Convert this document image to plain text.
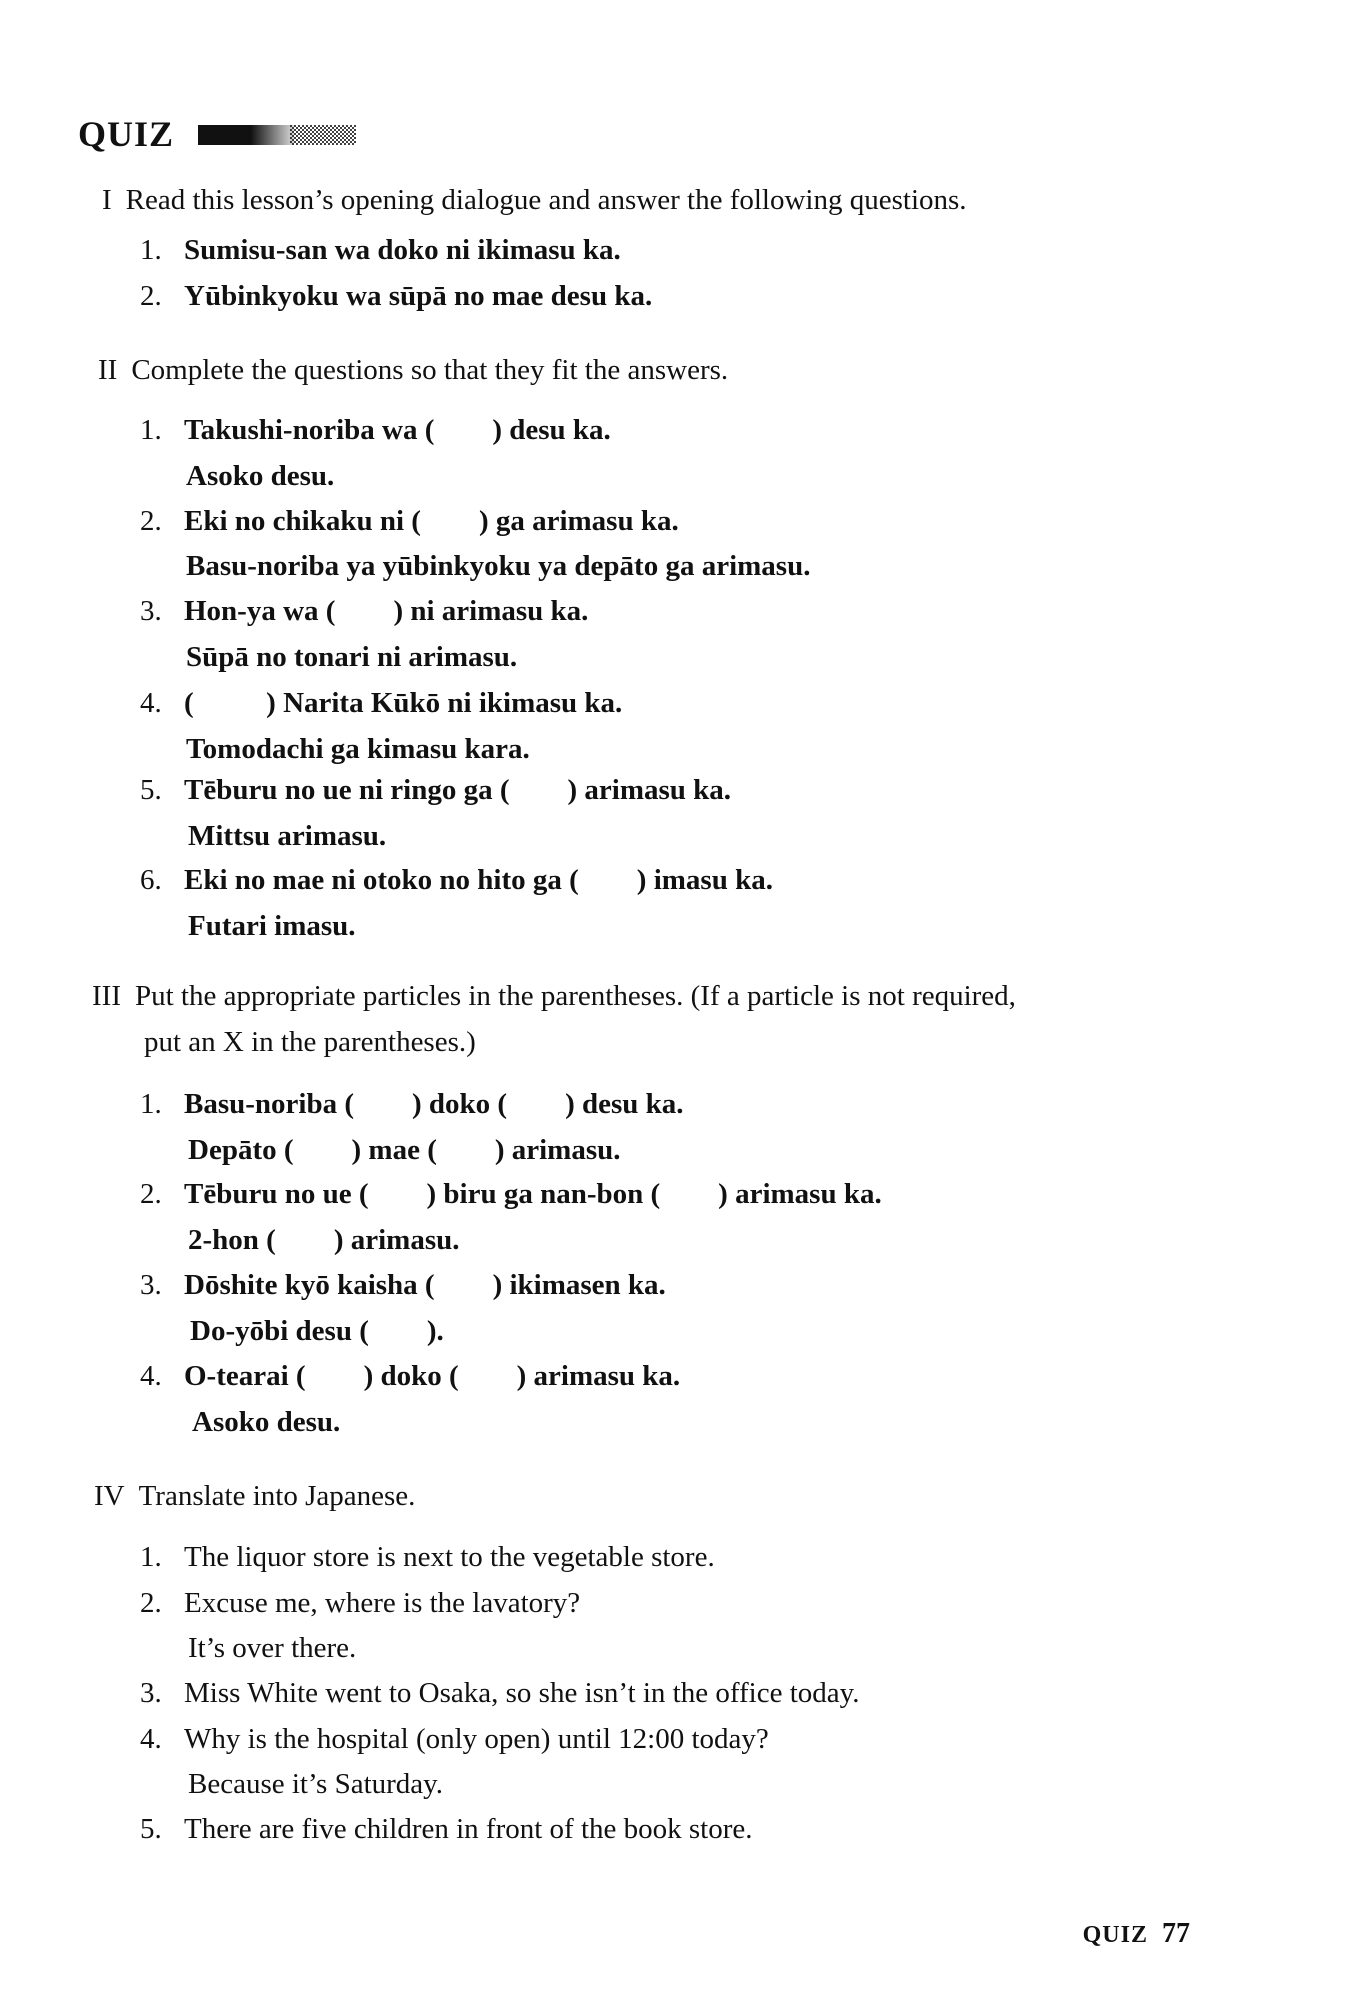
QUIZ
I Read this lesson’s opening dialogue and answer the following questions.
1. Sumisu-san wa doko ni ikimasu ka.
2. Yūbinkyoku wa sūpā no mae desu ka.
II Complete the questions so that they fit the answers.
1. Takushi-noriba wa (        ) desu ka.
Asoko desu.
2. Eki no chikaku ni (        ) ga arimasu ka.
Basu-noriba ya yūbinkyoku ya depāto ga arimasu.
3. Hon-ya wa (        ) ni arimasu ka.
Sūpā no tonari ni arimasu.
4. (          ) Narita Kūkō ni ikimasu ka.
Tomodachi ga kimasu kara.
5. Tēburu no ue ni ringo ga (        ) arimasu ka.
Mittsu arimasu.
6. Eki no mae ni otoko no hito ga (        ) imasu ka.
Futari imasu.
III Put the appropriate particles in the parentheses. (If a particle is not required,
put an X in the parentheses.)
1. Basu-noriba (        ) doko (        ) desu ka.
Depāto (        ) mae (        ) arimasu.
2. Tēburu no ue (        ) biru ga nan-bon (        ) arimasu ka.
2-hon (        ) arimasu.
3. Dōshite kyō kaisha (        ) ikimasen ka.
Do-yōbi desu (        ).
4. O-tearai (        ) doko (        ) arimasu ka.
Asoko desu.
IV Translate into Japanese.
1. The liquor store is next to the vegetable store.
2. Excuse me, where is the lavatory?
It’s over there.
3. Miss White went to Osaka, so she isn’t in the office today.
4. Why is the hospital (only open) until 12:00 today?
Because it’s Saturday.
5. There are five children in front of the book store.
QUIZ 77
